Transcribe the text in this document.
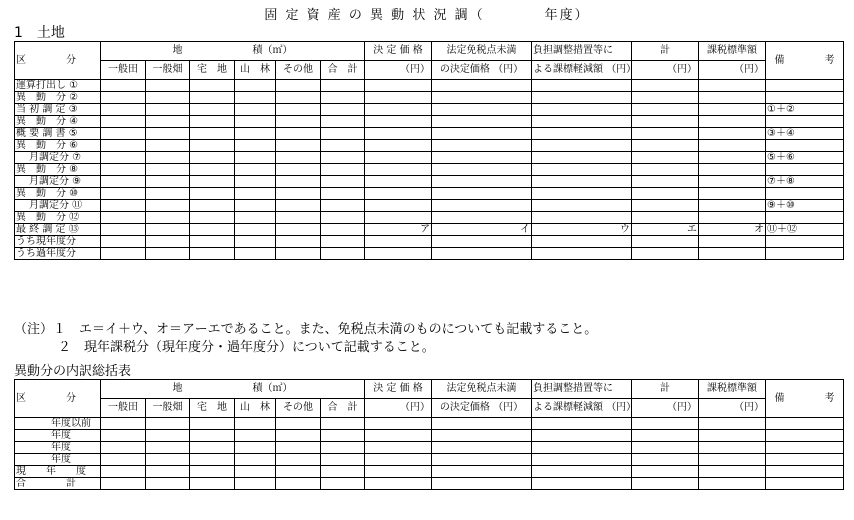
固 定 資 産 の 異 動 状 況 調（　　　　年度）
1　土地
区　　　　分	地　　　　　　　 積（㎡）						決 定 価 格	法定免税点未満	負担調整措置等に	計	課税標準額	備　　　　考
	一般田	一般畑	宅　地	山　林	その他	合　計	（円）	の決定価格 （円）	よる課標軽減額 （円）	（円）	（円）	
運算打出し ①												
異　動　分 ②												
当 初 調 定 ③												①＋②
異　動　分 ④												
概 要 調 書 ⑤												③＋④
異　動　分 ⑥												
月調定分 ⑦												⑤＋⑥
異　動　分 ⑧												
月調定分 ⑨												⑦＋⑧
異　動　分 ⑩												
月調定分 ⑪												⑨＋⑩
異　動　分 ⑫												
最 終 調 定 ⑬							ア	イ	ウ	エ	オ	⑪＋⑫
うち現年度分												
うち過年度分												
（注）１　エ＝イ＋ウ、オ＝アーエであること。また、免税点未満のものについても記載すること。
２　現年課税分（現年度分・過年度分）について記載すること。
異動分の内訳総括表
区　　　　分	地　　　　　　　 積（㎡）						決 定 価 格	法定免税点未満	負担調整措置等に	計	課税標準額	備　　　　考
	一般田	一般畑	宅　地	山　林	その他	合　計	（円）	の決定価格 （円）	よる課標軽減額 （円）	（円）	（円）	
年度以前												
年度												
年度												
年度												
現　　年　　度												
合　　　　計												
